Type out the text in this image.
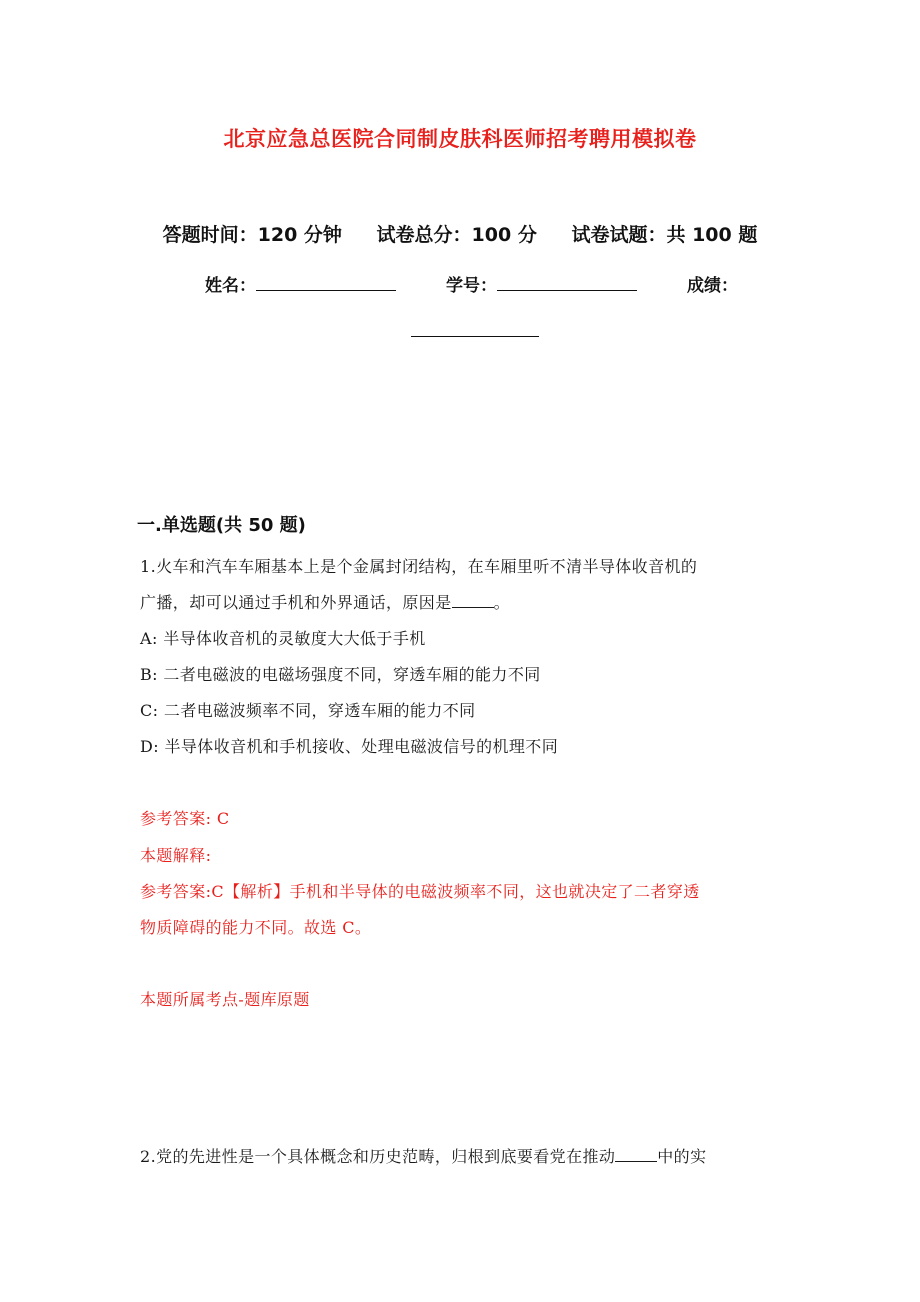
北京应急总医院合同制皮肤科医师招考聘用模拟卷
答题时间：120 分钟 试卷总分：100 分 试卷试题：共 100 题
姓名：	学号：	成绩：
一.单选题(共 50 题)
1.火车和汽车车厢基本上是个金属封闭结构，在车厢里听不清半导体收音机的
广播，却可以通过手机和外界通话，原因是	。
A: 半导体收音机的灵敏度大大低于手机
B: 二者电磁波的电磁场强度不同，穿透车厢的能力不同
C: 二者电磁波频率不同，穿透车厢的能力不同
D: 半导体收音机和手机接收、处理电磁波信号的机理不同
参考答案: C
本题解释:
参考答案:C【解析】手机和半导体的电磁波频率不同，这也就决定了二者穿透
物质障碍的能力不同。故选 C。
本题所属考点-题库原题
2.党的先进性是一个具体概念和历史范畴，归根到底要看党在推动	中的实
